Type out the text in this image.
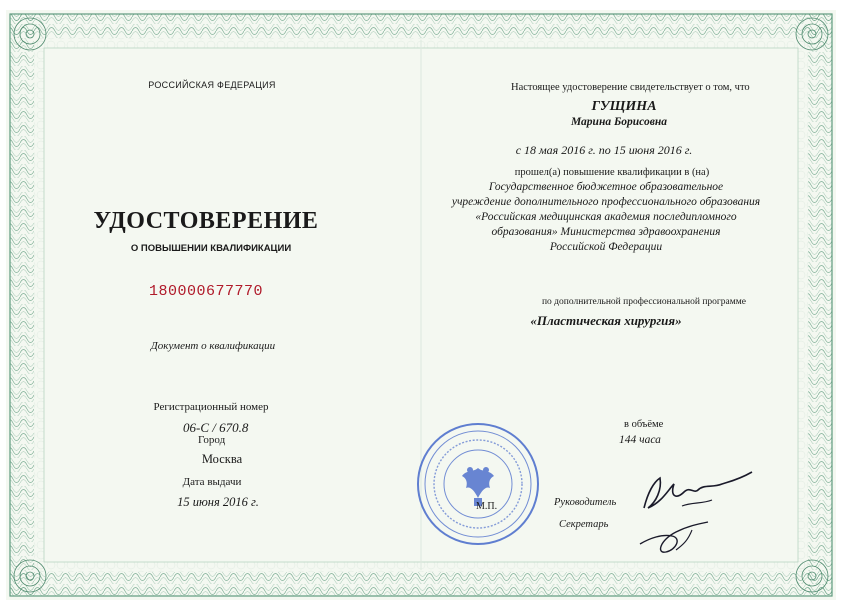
РОССИЙСКАЯ ФЕДЕРАЦИЯ
УДОСТОВЕРЕНИЕ
О ПОВЫШЕНИИ КВАЛИФИКАЦИИ
180000677770
Документ о квалификации
Регистрационный номер
06-С / 670.8
Город
Москва
Дата выдачи
15 июня 2016 г.
Настоящее удостоверение свидетельствует о том, что
ГУЩИНА
Марина Борисовна
с 18 мая 2016 г. по 15 июня 2016 г.
прошел(а) повышение квалификации в (на)
Государственное бюджетное образовательное
учреждение дополнительного профессионального образования
«Российская медицинская академия последипломного
образования» Министерства здравоохранения
Российской Федерации
по дополнительной профессиональной программе
«Пластическая хирургия»
в объёме
144 часа
М.П.	Руководитель
Секретарь
